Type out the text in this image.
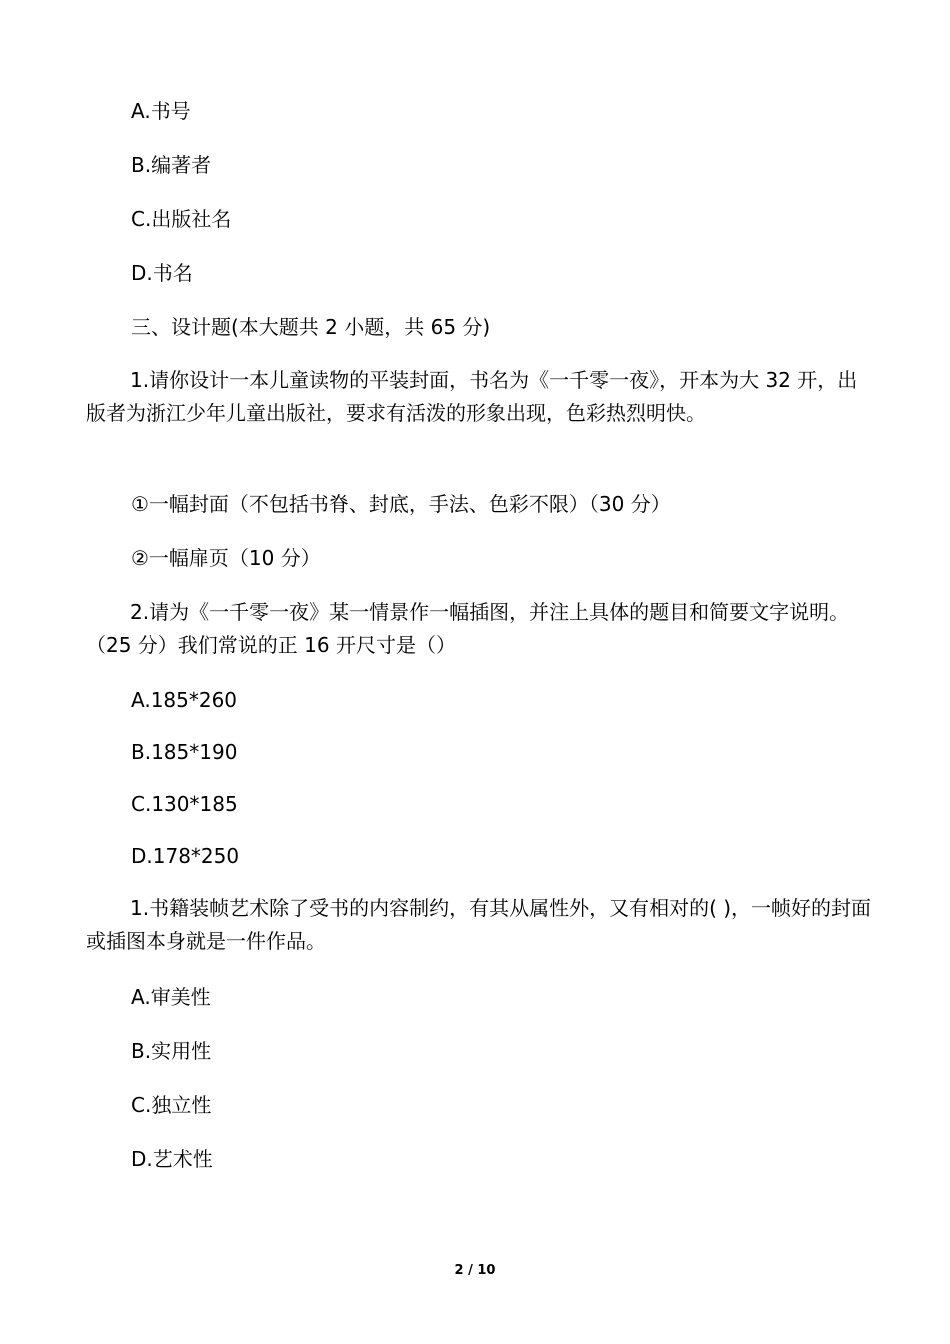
A.书号
B.编著者
C.出版社名
D.书名
三、设计题(本大题共 2 小题，共 65 分)
1.请你设计一本儿童读物的平装封面，书名为《一千零一夜》，开本为大 32 开，出版者为浙江少年儿童出版社，要求有活泼的形象出现，色彩热烈明快。
①一幅封面（不包括书脊、封底，手法、色彩不限）（30 分）
②一幅扉页（10 分）
2.请为《一千零一夜》某一情景作一幅插图，并注上具体的题目和简要文字说明。（25 分）我们常说的正 16 开尺寸是（）
A.185*260
B.185*190
C.130*185
D.178*250
1.书籍装帧艺术除了受书的内容制约，有其从属性外，又有相对的( )，一帧好的封面或插图本身就是一件作品。
A.审美性
B.实用性
C.独立性
D.艺术性
2 / 10
